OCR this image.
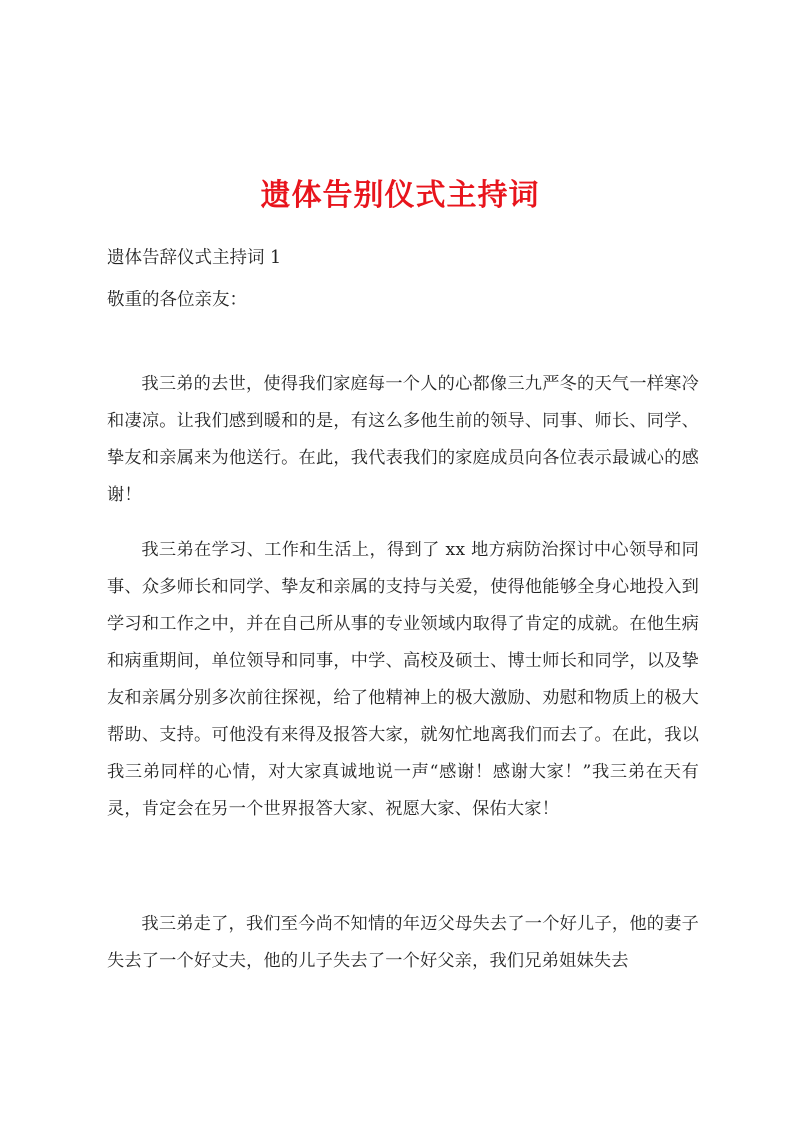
遗体告别仪式主持词

遗体告辞仪式主持词 1

敬重的各位亲友：

我三弟的去世，使得我们家庭每一个人的心都像三九严冬的天气一样寒冷和凄凉。让我们感到暖和的是，有这么多他生前的领导、同事、师长、同学、挚友和亲属来为他送行。在此，我代表我们的家庭成员向各位表示最诚心的感谢！

我三弟在学习、工作和生活上，得到了 xx 地方病防治探讨中心领导和同事、众多师长和同学、挚友和亲属的支持与关爱，使得他能够全身心地投入到学习和工作之中，并在自己所从事的专业领域内取得了肯定的成就。在他生病和病重期间，单位领导和同事，中学、高校及硕士、博士师长和同学，以及挚友和亲属分别多次前往探视，给了他精神上的极大激励、劝慰和物质上的极大帮助、支持。可他没有来得及报答大家，就匆忙地离我们而去了。在此，我以我三弟同样的心情，对大家真诚地说一声“感谢！感谢大家！”我三弟在天有灵，肯定会在另一个世界报答大家、祝愿大家、保佑大家！

我三弟走了，我们至今尚不知情的年迈父母失去了一个好儿子，他的妻子失去了一个好丈夫，他的儿子失去了一个好父亲，我们兄弟姐妹失去
